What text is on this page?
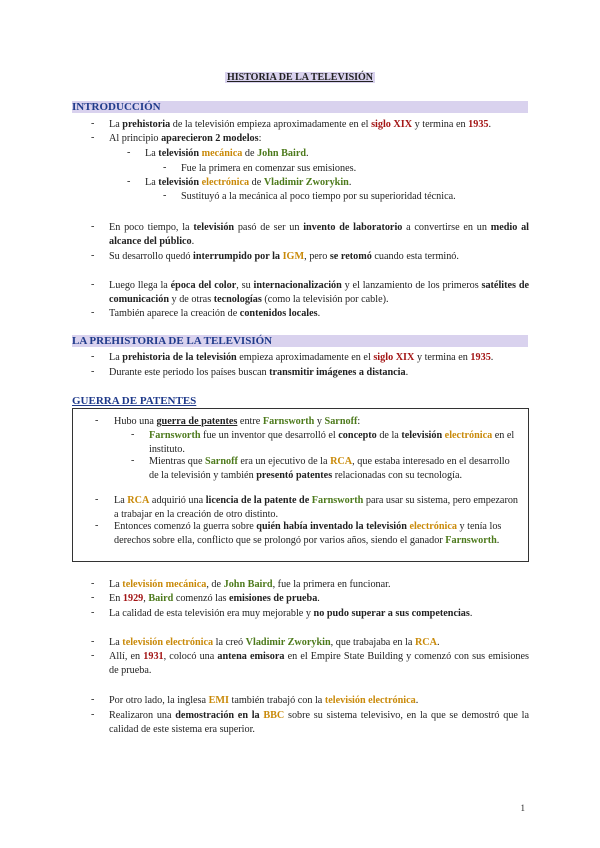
HISTORIA DE LA TELEVISIÓN
INTRODUCCIÓN
- La prehistoria de la televisión empieza aproximadamente en el siglo XIX y termina en 1935.
- Al principio aparecieron 2 modelos:
- La televisión mecánica de John Baird.
- Fue la primera en comenzar sus emisiones.
- La televisión electrónica de Vladimir Zworykin.
- Sustituyó a la mecánica al poco tiempo por su superioridad técnica.
- En poco tiempo, la televisión pasó de ser un invento de laboratorio a convertirse en un medio al alcance del público.
- Su desarrollo quedó interrumpido por la IGM, pero se retomó cuando esta terminó.
- Luego llega la época del color, su internacionalización y el lanzamiento de los primeros satélites de comunicación y de otras tecnologías (como la televisión por cable).
- También aparece la creación de contenidos locales.
LA PREHISTORIA DE LA TELEVISIÓN
- La prehistoria de la televisión empieza aproximadamente en el siglo XIX y termina en 1935.
- Durante este periodo los países buscan transmitir imágenes a distancia.
GUERRA DE PATENTES
- Hubo una guerra de patentes entre Farnsworth y Sarnoff:
- Farnsworth fue un inventor que desarrolló el concepto de la televisión electrónica en el instituto.
- Mientras que Sarnoff era un ejecutivo de la RCA, que estaba interesado en el desarrollo de la televisión y también presentó patentes relacionadas con su tecnología.
- La RCA adquirió una licencia de la patente de Farnsworth para usar su sistema, pero empezaron a trabajar en la creación de otro distinto.
- Entonces comenzó la guerra sobre quién había inventado la televisión electrónica y tenía los derechos sobre ella, conflicto que se prolongó por varios años, siendo el ganador Farnsworth.
- La televisión mecánica, de John Baird, fue la primera en funcionar.
- En 1929, Baird comenzó las emisiones de prueba.
- La calidad de esta televisión era muy mejorable y no pudo superar a sus competencias.
- La televisión electrónica la creó Vladimir Zworykin, que trabajaba en la RCA.
- Allí, en 1931, colocó una antena emisora en el Empire State Building y comenzó con sus emisiones de prueba.
- Por otro lado, la inglesa EMI también trabajó con la televisión electrónica.
- Realizaron una demostración en la BBC sobre su sistema televisivo, en la que se demostró que la calidad de este sistema era superior.
1
